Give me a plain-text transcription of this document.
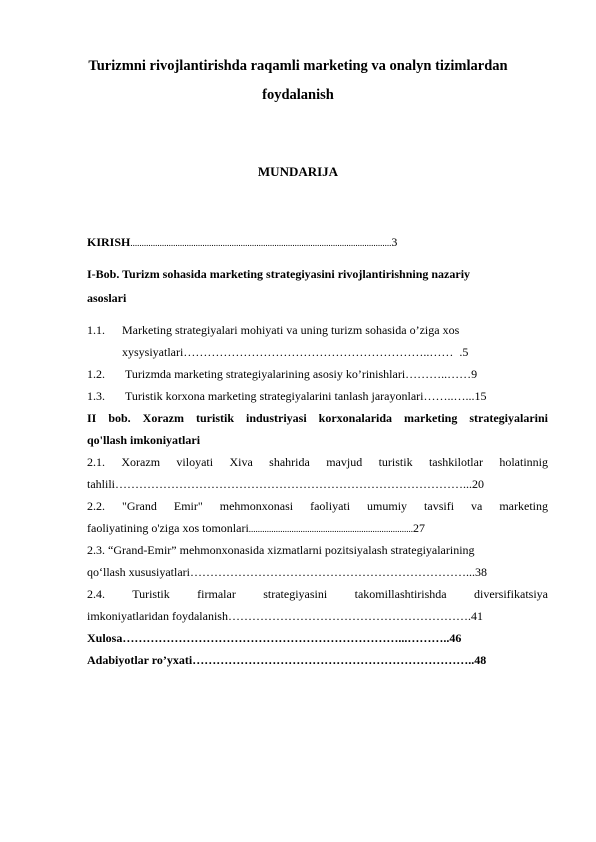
Turizmni rivojlantirishda raqamli marketing va onalyn tizimlardan
foydalanish
MUNDARIJA
KIRISH....................................................................................................................3
I-Bob. Turizm sohasida marketing strategiyasini rivojlantirishning nazariy
asoslari
1.1. Marketing strategiyalari mohiyati va uning turizm sohasida o’ziga xos
xysysiyatlari……………………………………………………..…… .5
1.2. Turizmda marketing strategiyalarining asosiy ko’rinishlari………..……9
1.3. Turistik korxona marketing strategiyalarini tanlash jarayonlari……..…...15
II bob. Xorazm turistik industriyasi korxonalarida marketing strategiyalarini
qo'llash imkoniyatlari
2.1. Xorazm viloyati Xiva shahrida mavjud turistik tashkilotlar holatinnig
tahlili……………………………………………………………………………...20
2.2. "Grand Emir" mehmonxonasi faoliyati umumiy tavsifi va marketing
faoliyatining o'ziga xos tomonlari.........................................................................27
2.3. “Grand-Emir” mehmonxonasida xizmatlarni pozitsiyalash strategiyalarining
qo‘llash xususiyatlari……………………………………………………………...38
2.4. Turistik firmalar strategiyasini takomillashtirishda diversifikatsiya
imkoniyatlaridan foydalanish…………………………………………………….41
Xulosa……………………………………………………………...………..46
Adabiyotlar ro’yxati……………………………………………………………..48
